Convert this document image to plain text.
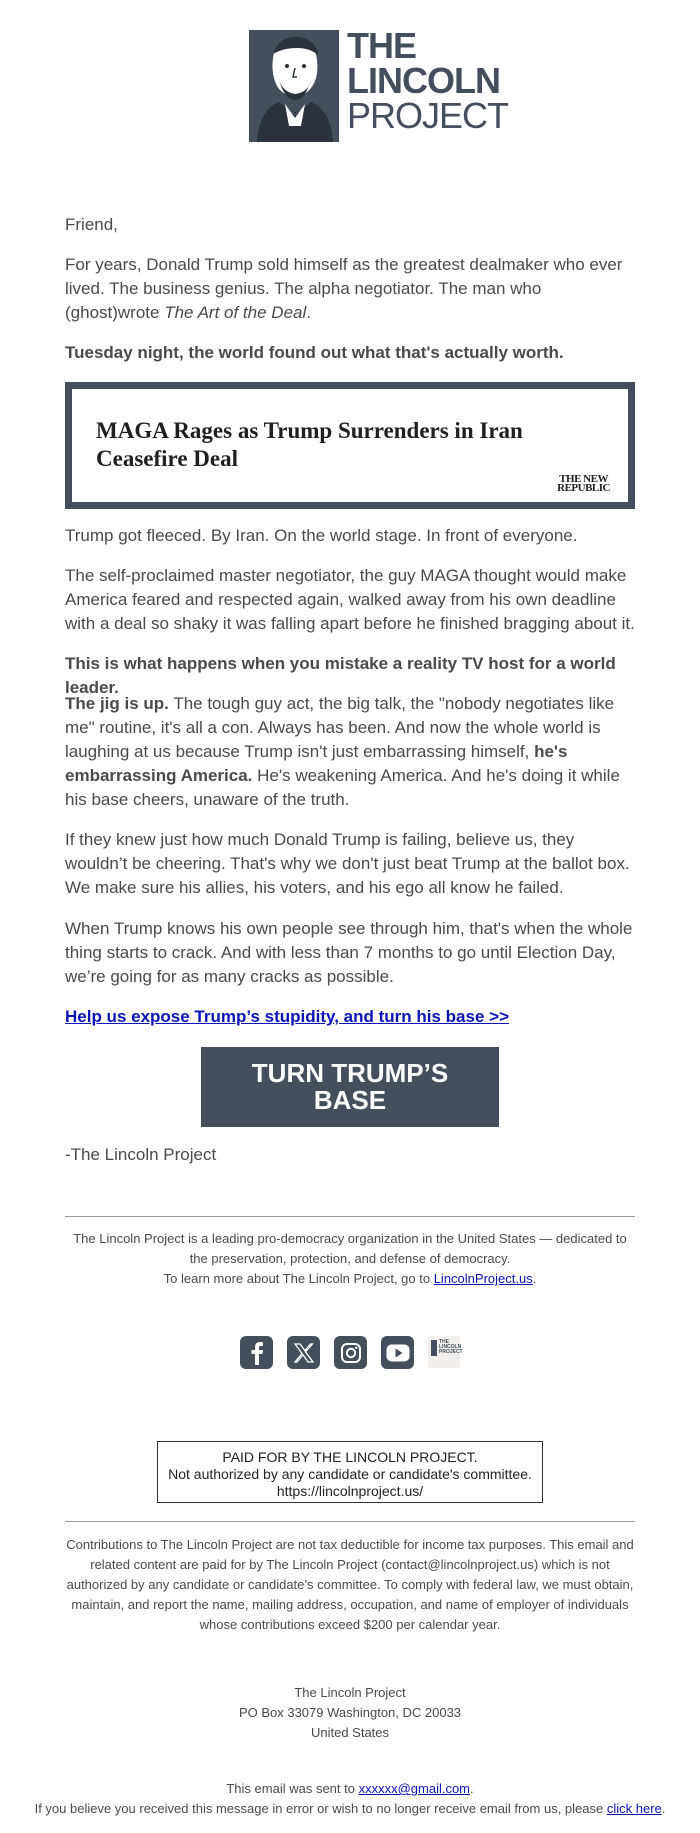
THE
LINCOLN
PROJECT

Friend,

For years, Donald Trump sold himself as the greatest dealmaker who ever lived. The business genius. The alpha negotiator. The man who (ghost)wrote The Art of the Deal.

Tuesday night, the world found out what that's actually worth.

MAGA Rages as Trump Surrenders in Iran Ceasefire Deal
THE NEW
REPUBLIC

Trump got fleeced. By Iran. On the world stage. In front of everyone.

The self-proclaimed master negotiator, the guy MAGA thought would make America feared and respected again, walked away from his own deadline with a deal so shaky it was falling apart before he finished bragging about it.

This is what happens when you mistake a reality TV host for a world leader.

The jig is up. The tough guy act, the big talk, the "nobody negotiates like me" routine, it's all a con. Always has been. And now the whole world is laughing at us because Trump isn't just embarrassing himself, he's embarrassing America. He's weakening America. And he's doing it while his base cheers, unaware of the truth.

If they knew just how much Donald Trump is failing, believe us, they wouldn’t be cheering. That's why we don't just beat Trump at the ballot box. We make sure his allies, his voters, and his ego all know he failed.

When Trump knows his own people see through him, that's when the whole thing starts to crack. And with less than 7 months to go until Election Day, we’re going for as many cracks as possible.

Help us expose Trump’s stupidity, and turn his base >>
TURN TRUMP’S BASE

-The Lincoln Project

The Lincoln Project is a leading pro-democracy organization in the United States — dedicated to the preservation, protection, and defense of democracy.
To learn more about The Lincoln Project, go to LincolnProject.us.
THE
LINCOLN
PROJECT
PAID FOR BY THE LINCOLN PROJECT.
Not authorized by any candidate or candidate's committee.
https://lincolnproject.us/
Contributions to The Lincoln Project are not tax deductible for income tax purposes. This email and related content are paid for by The Lincoln Project (contact@lincolnproject.us) which is not authorized by any candidate or candidate’s committee. To comply with federal law, we must obtain, maintain, and report the name, mailing address, occupation, and name of employer of individuals whose contributions exceed $200 per calendar year.
The Lincoln Project
PO Box 33079 Washington, DC 20033
United States
This email was sent to xxxxxx@gmail.com.
If you believe you received this message in error or wish to no longer receive email from us, please click here.
